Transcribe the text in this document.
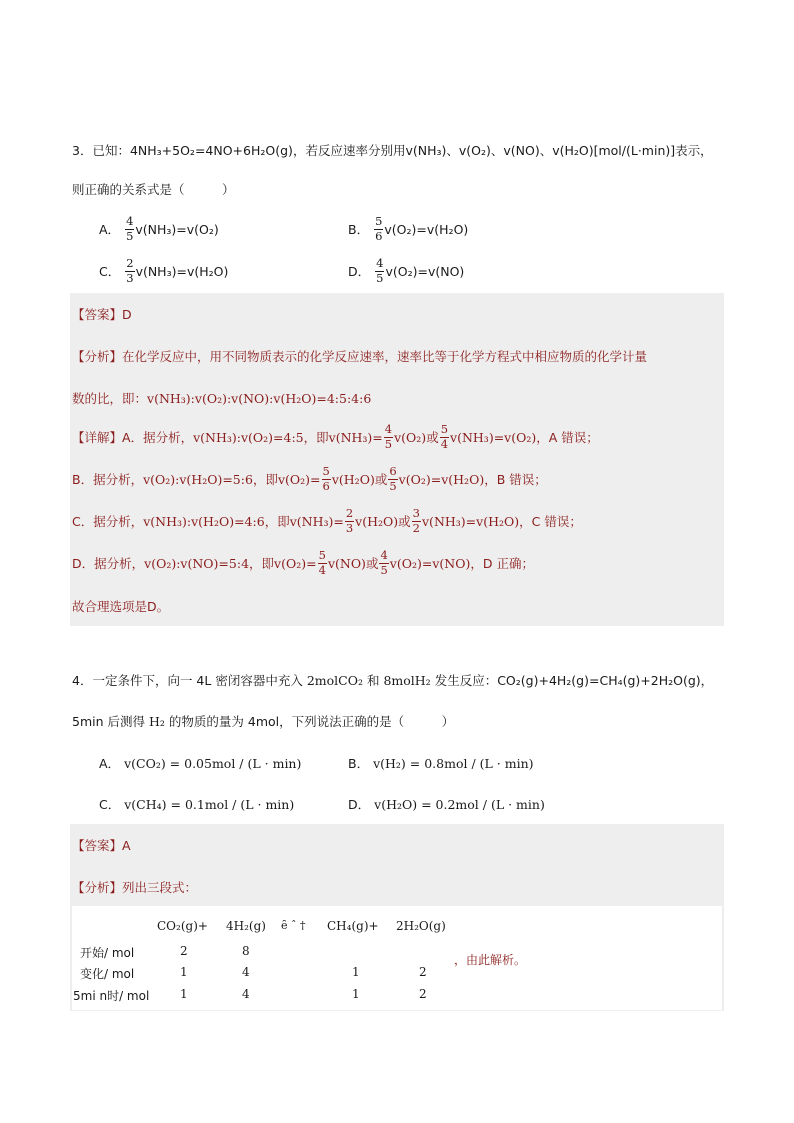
3．已知： 4NH₃+5O₂=4NO+6H₂O(g) ，若反应速率分别用 v(NH₃)、v(O₂)、v(NO)、v(H₂O)[mol/(L·min)] 表示，
则正确的关系式是（　　　）
A． $\frac{4}{5} v(NH_3)=v(O_2)$	B． $\frac{5}{6} v(O_2)=v(H_2O)$
C． $\frac{2}{3} v(NH_3)=v(H_2O)$	D． $\frac{4}{5} v(O_2)=v(NO)$
【答案】 D
【分析】 在化学反应中，用不同物质表示的化学反应速率，速率比等于化学方程式中相应物质的化学计量
数的比，即： v(NH₃):v(O₂):v(NO):v(H₂O)=4:5:4:6
【详解】 A．据分析， v(NH₃):v(O₂)=4:5 ，即 $v(NH_3)= \frac{4}{5} v(O_2)$ 或 $\frac{5}{4} v(NH_3)=v(O_2)$ ，A 错误；
B．据分析， v(O₂):v(H₂O)=5:6 ，即 $v(O_2)= \frac{5}{6} v(H_2O)$ 或 $\frac{6}{5} v(O_2)=v(H_2O)$ ，B 错误；
C．据分析， v(NH₃):v(H₂O)=4:6 ，即 $v(NH_3)= \frac{2}{3} v(H_2O)$ 或 $\frac{3}{2} v(NH_3)=v(H_2O)$ ，C 错误；
D．据分析， v(O₂):v(NO)=5:4 ，即 $v(O_2)= \frac{5}{4} v(NO)$ 或 $\frac{4}{5} v(O_2)=v(NO)$ ，D 正确；
故合理选项是D。
4．一定条件下，向一 4L 密闭容器中充入
2molCO₂
和
8molH₂
发生反应： CO₂(g)+4H₂(g)=CH₄(g)+2H₂O(g)，
5min 后测得
H₂
的物质的量为 4mol，下列说法正确的是（　　　）
A． v(CO₂) = 0.05mol / (L · min)	B． v(H₂) = 0.8mol / (L · min)
C． v(CH₄) = 0.1mol / (L · min)	D． v(H₂O) = 0.2mol / (L · min)
【答案】 A
【分析】 列出三段式：
CO₂(g)+ 4H₂(g) ȇ ˆ † CH₄(g)+ 2H₂O(g)
开始/ mol	2	8
变化/ mol	1	4	1	2
5mi n时/ mol	1	4	1	2
，由此解析。
